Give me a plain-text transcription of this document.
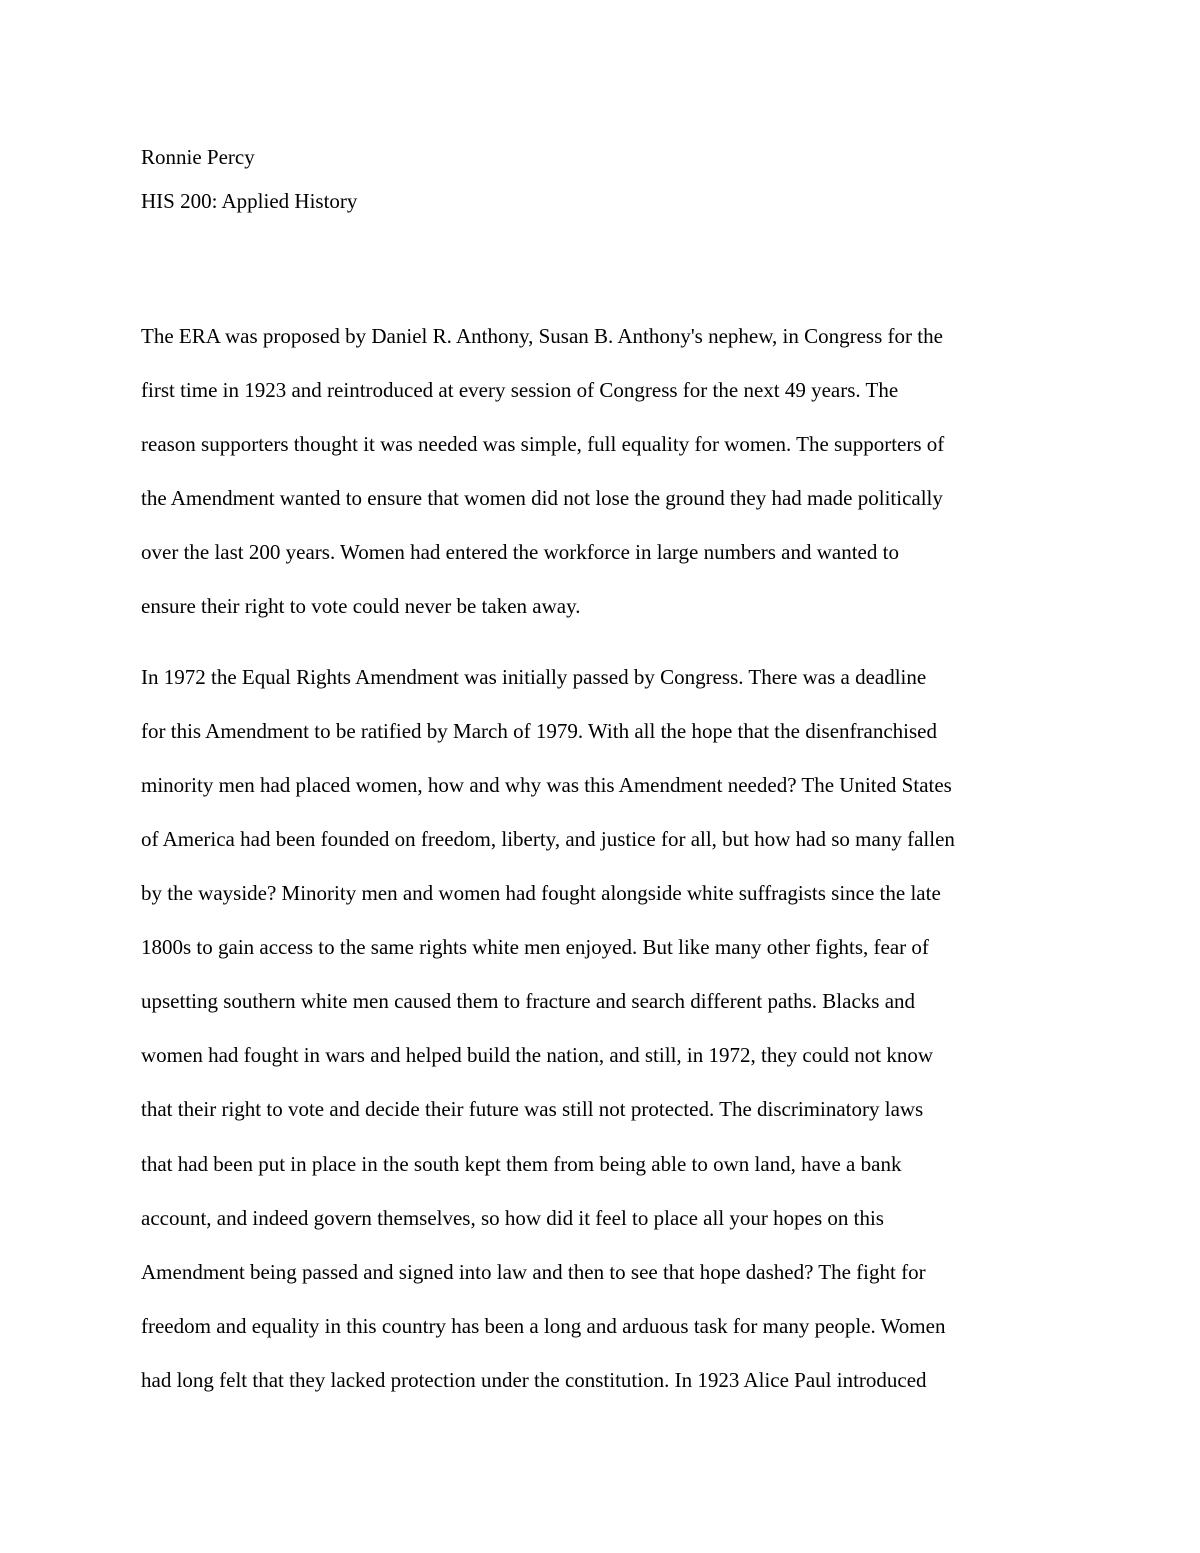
Ronnie Percy
HIS 200: Applied History
The ERA was proposed by Daniel R. Anthony, Susan B. Anthony's nephew, in Congress for the
first time in 1923 and reintroduced at every session of Congress for the next 49 years. The
reason supporters thought it was needed was simple, full equality for women. The supporters of
the Amendment wanted to ensure that women did not lose the ground they had made politically
over the last 200 years. Women had entered the workforce in large numbers and wanted to
ensure their right to vote could never be taken away.
In 1972 the Equal Rights Amendment was initially passed by Congress. There was a deadline
for this Amendment to be ratified by March of 1979. With all the hope that the disenfranchised
minority men had placed women, how and why was this Amendment needed? The United States
of America had been founded on freedom, liberty, and justice for all, but how had so many fallen
by the wayside? Minority men and women had fought alongside white suffragists since the late
1800s to gain access to the same rights white men enjoyed. But like many other fights, fear of
upsetting southern white men caused them to fracture and search different paths. Blacks and
women had fought in wars and helped build the nation, and still, in 1972, they could not know
that their right to vote and decide their future was still not protected. The discriminatory laws
that had been put in place in the south kept them from being able to own land, have a bank
account, and indeed govern themselves, so how did it feel to place all your hopes on this
Amendment being passed and signed into law and then to see that hope dashed? The fight for
freedom and equality in this country has been a long and arduous task for many people. Women
had long felt that they lacked protection under the constitution. In 1923 Alice Paul introduced
